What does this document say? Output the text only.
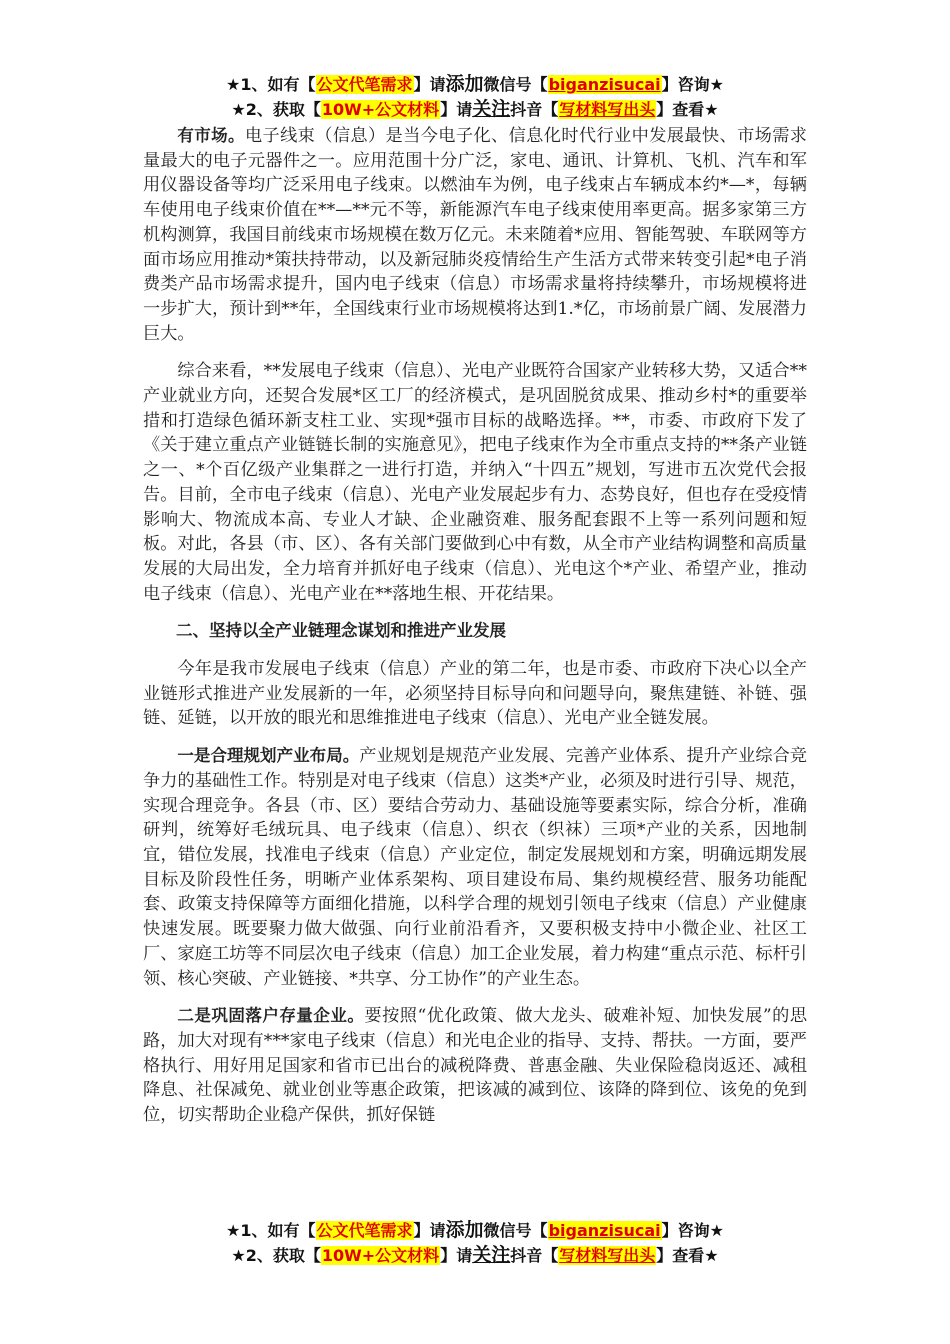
★1、如有【公文代笔需求】请添加微信号【biganzisucai】咨询★
★2、获取【10W+公文材料】请关注抖音【写材料写出头】查看★

有市场。电子线束（信息）是当今电子化、信息化时代行业中发展最快、市场需求量最大的电子元器件之一。应用范围十分广泛，家电、通讯、计算机、飞机、汽车和军用仪器设备等均广泛采用电子线束。以燃油车为例，电子线束占车辆成本约*—*，每辆车使用电子线束价值在**—**元不等，新能源汽车电子线束使用率更高。据多家第三方机构测算，我国目前线束市场规模在数万亿元。未来随着*应用、智能驾驶、车联网等方面市场应用推动*策扶持带动，以及新冠肺炎疫情给生产生活方式带来转变引起*电子消费类产品市场需求提升，国内电子线束（信息）市场需求量将持续攀升，市场规模将进一步扩大，预计到**年，全国线束行业市场规模将达到1.*亿，市场前景广阔、发展潜力巨大。

综合来看，**发展电子线束（信息）、光电产业既符合国家产业转移大势，又适合**产业就业方向，还契合发展*区工厂的经济模式，是巩固脱贫成果、推动乡村*的重要举措和打造绿色循环新支柱工业、实现*强市目标的战略选择。**，市委、市政府下发了《关于建立重点产业链链长制的实施意见》，把电子线束作为全市重点支持的**条产业链之一、*个百亿级产业集群之一进行打造，并纳入“十四五”规划，写进市五次党代会报告。目前，全市电子线束（信息）、光电产业发展起步有力、态势良好，但也存在受疫情影响大、物流成本高、专业人才缺、企业融资难、服务配套跟不上等一系列问题和短板。对此，各县（市、区）、各有关部门要做到心中有数，从全市产业结构调整和高质量发展的大局出发，全力培育并抓好电子线束（信息）、光电这个*产业、希望产业，推动电子线束（信息）、光电产业在**落地生根、开花结果。

二、坚持以全产业链理念谋划和推进产业发展

今年是我市发展电子线束（信息）产业的第二年，也是市委、市政府下决心以全产业链形式推进产业发展新的一年，必须坚持目标导向和问题导向，聚焦建链、补链、强链、延链，以开放的眼光和思维推进电子线束（信息）、光电产业全链发展。

一是合理规划产业布局。产业规划是规范产业发展、完善产业体系、提升产业综合竞争力的基础性工作。特别是对电子线束（信息）这类*产业，必须及时进行引导、规范，实现合理竞争。各县（市、区）要结合劳动力、基础设施等要素实际，综合分析，准确研判，统筹好毛绒玩具、电子线束（信息）、织衣（织袜）三项*产业的关系，因地制宜，错位发展，找准电子线束（信息）产业定位，制定发展规划和方案，明确远期发展目标及阶段性任务，明晰产业体系架构、项目建设布局、集约规模经营、服务功能配套、政策支持保障等方面细化措施，以科学合理的规划引领电子线束（信息）产业健康快速发展。既要聚力做大做强、向行业前沿看齐，又要积极支持中小微企业、社区工厂、家庭工坊等不同层次电子线束（信息）加工企业发展，着力构建“重点示范、标杆引领、核心突破、产业链接、*共享、分工协作”的产业生态。

二是巩固落户存量企业。要按照“优化政策、做大龙头、破难补短、加快发展”的思路，加大对现有***家电子线束（信息）和光电企业的指导、支持、帮扶。一方面，要严格执行、用好用足国家和省市已出台的减税降费、普惠金融、失业保险稳岗返还、减租降息、社保减免、就业创业等惠企政策，把该减的减到位、该降的降到位、该免的免到位，切实帮助企业稳产保供，抓好保链

★1、如有【公文代笔需求】请添加微信号【biganzisucai】咨询★
★2、获取【10W+公文材料】请关注抖音【写材料写出头】查看★
